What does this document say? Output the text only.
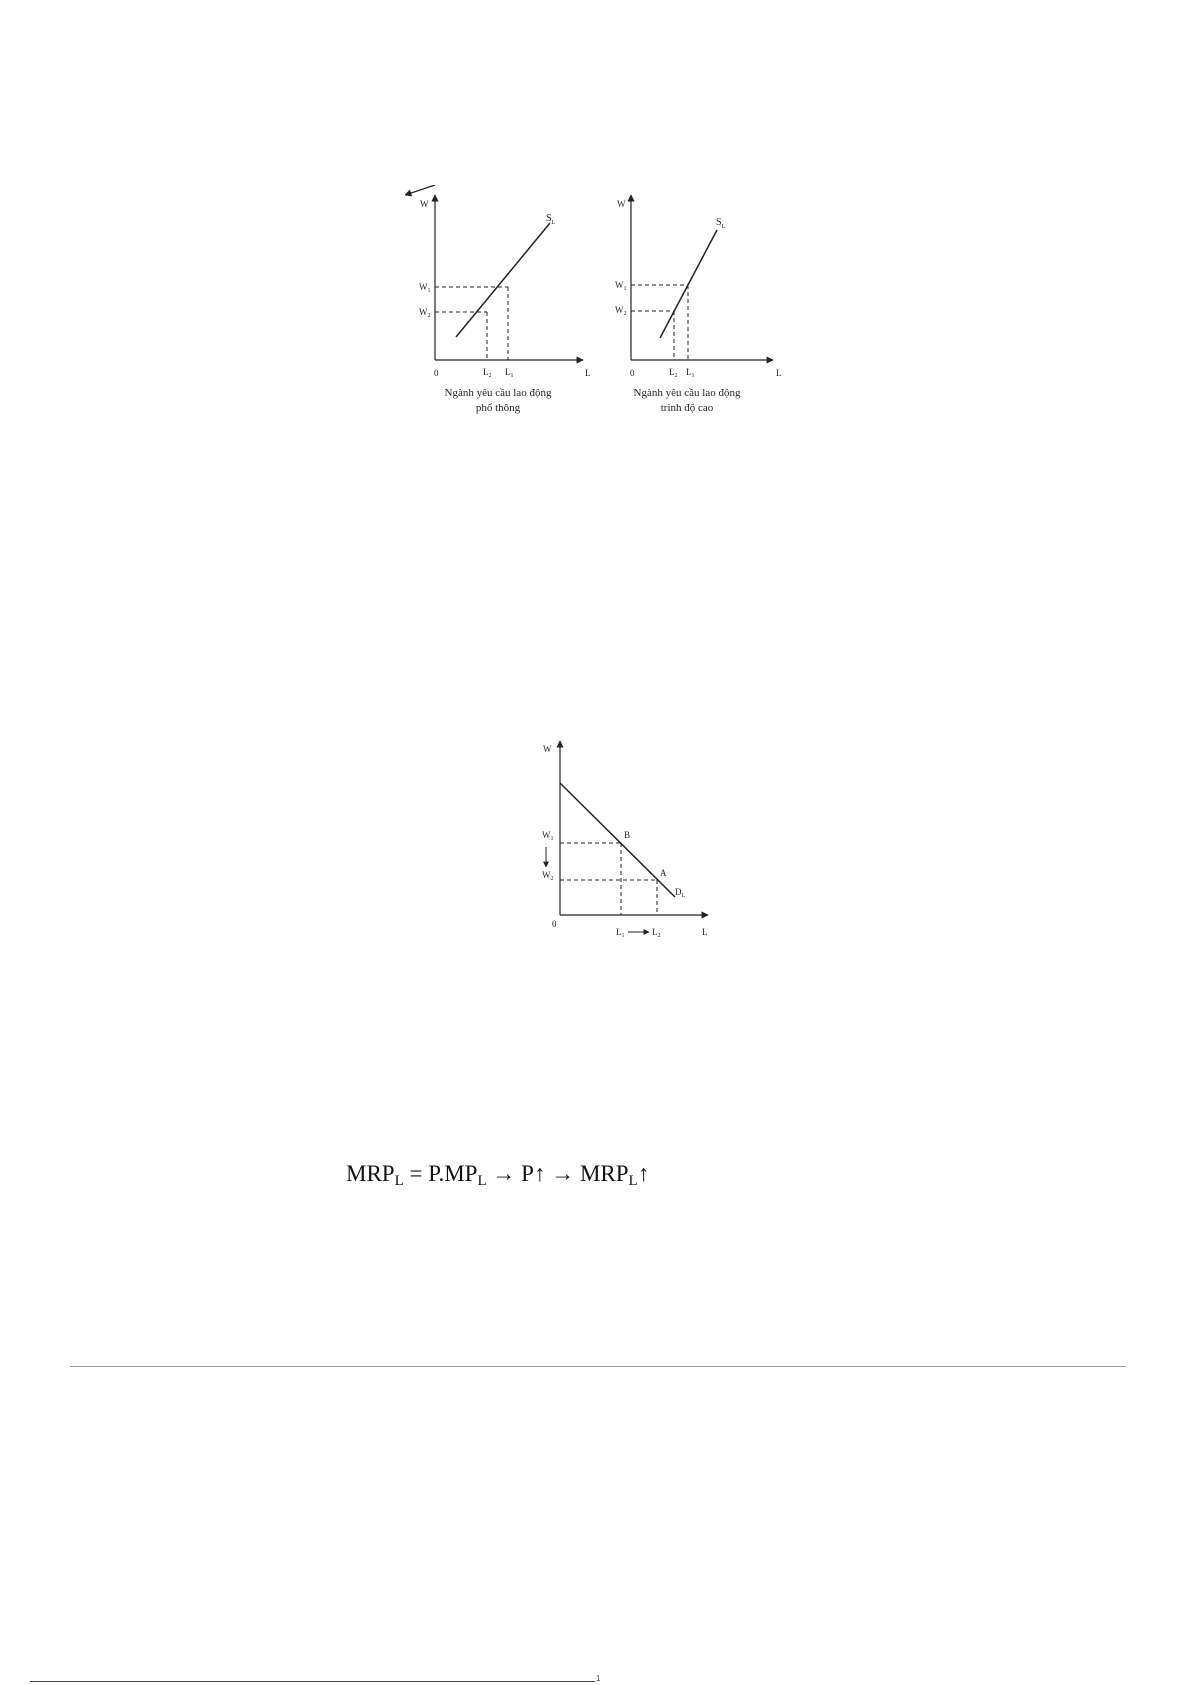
W
0	L
$S_L$
$W_1$
$W_2$
$L_2$ $L_1$
Ngành yêu cầu lao động
phổ thông
W
0	L
$S_L$
$W_1$
$W_2$
$L_2$ $L_1$
Ngành yêu cầu lao động
trình độ cao
W
0
L
$W_1$
$W_2$
B
A
$D_L$
$L_1$	$L_2$
$MRP_L = P.MP_L$ → P↑ → $MRP_L↑$
1
